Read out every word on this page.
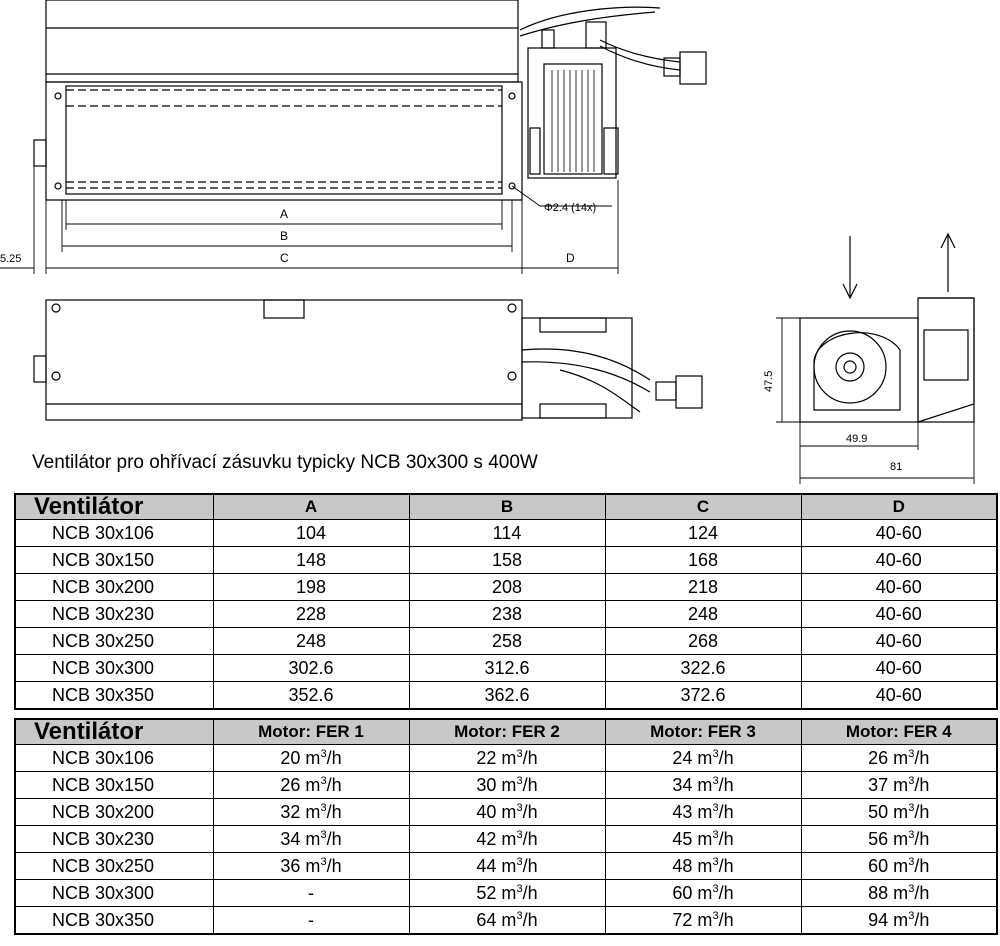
A
B
C	D
Φ2.4 (14x)
5.25
47.5
49.9
81
Ventilátor pro ohřívací zásuvku typicky NCB 30x300 s 400W
Ventilátor	A	B	C	D
NCB 30x106	104	114	124	40-60
NCB 30x150	148	158	168	40-60
NCB 30x200	198	208	218	40-60
NCB 30x230	228	238	248	40-60
NCB 30x250	248	258	268	40-60
NCB 30x300	302.6	312.6	322.6	40-60
NCB 30x350	352.6	362.6	372.6	40-60
Ventilátor	Motor: FER 1	Motor: FER 2	Motor: FER 3	Motor: FER 4
NCB 30x106	20 $m^3/h$	22 $m^3/h$	24 $m^3/h$	26 $m^3/h$
NCB 30x150	26 $m^3/h$	30 $m^3/h$	34 $m^3/h$	37 $m^3/h$
NCB 30x200	32 $m^3/h$	40 $m^3/h$	43 $m^3/h$	50 $m^3/h$
NCB 30x230	34 $m^3/h$	42 $m^3/h$	45 $m^3/h$	56 $m^3/h$
NCB 30x250	36 $m^3/h$	44 $m^3/h$	48 $m^3/h$	60 $m^3/h$
NCB 30x300	-	52 $m^3/h$	60 $m^3/h$	88 $m^3/h$
NCB 30x350	-	64 $m^3/h$	72 $m^3/h$	94 $m^3/h$
